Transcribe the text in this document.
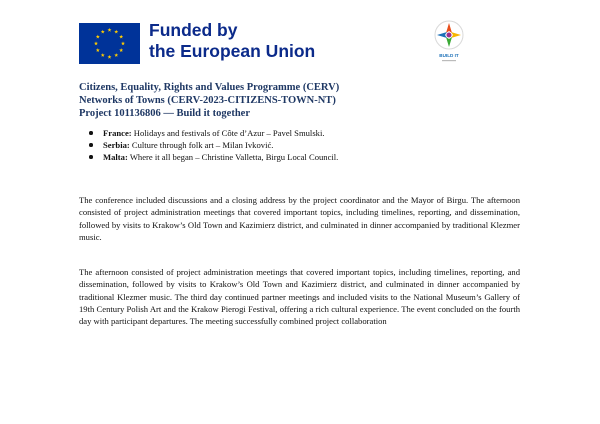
Funded by
the European Union	BUILD IT
Citizens, Equality, Rights and Values Programme (CERV)
Networks of Towns (CERV-2023-CITIZENS-TOWN-NT)
Project 101136806 — Build it together
France: Holidays and festivals of Côte d’Azur – Pavel Smulski.
Serbia: Culture through folk art – Milan Ivković.
Malta: Where it all began – Christine Valletta, Birgu Local Council.

The conference included discussions and a closing address by the project coordinator and the Mayor of Birgu. The afternoon consisted of project administration meetings that covered important topics, including timelines, reporting, and dissemination, followed by visits to Krakow’s Old Town and Kazimierz district, and culminated in dinner accompanied by traditional Klezmer music.

The afternoon consisted of project administration meetings that covered important topics, including timelines, reporting, and dissemination, followed by visits to Krakow’s Old Town and Kazimierz district, and culminated in dinner accompanied by traditional Klezmer music. The third day continued partner meetings and included visits to the National Museum’s Gallery of 19th Century Polish Art and the Krakow Pierogi Festival, offering a rich cultural experience. The event concluded on the fourth day with participant departures. The meeting successfully combined project collaboration
